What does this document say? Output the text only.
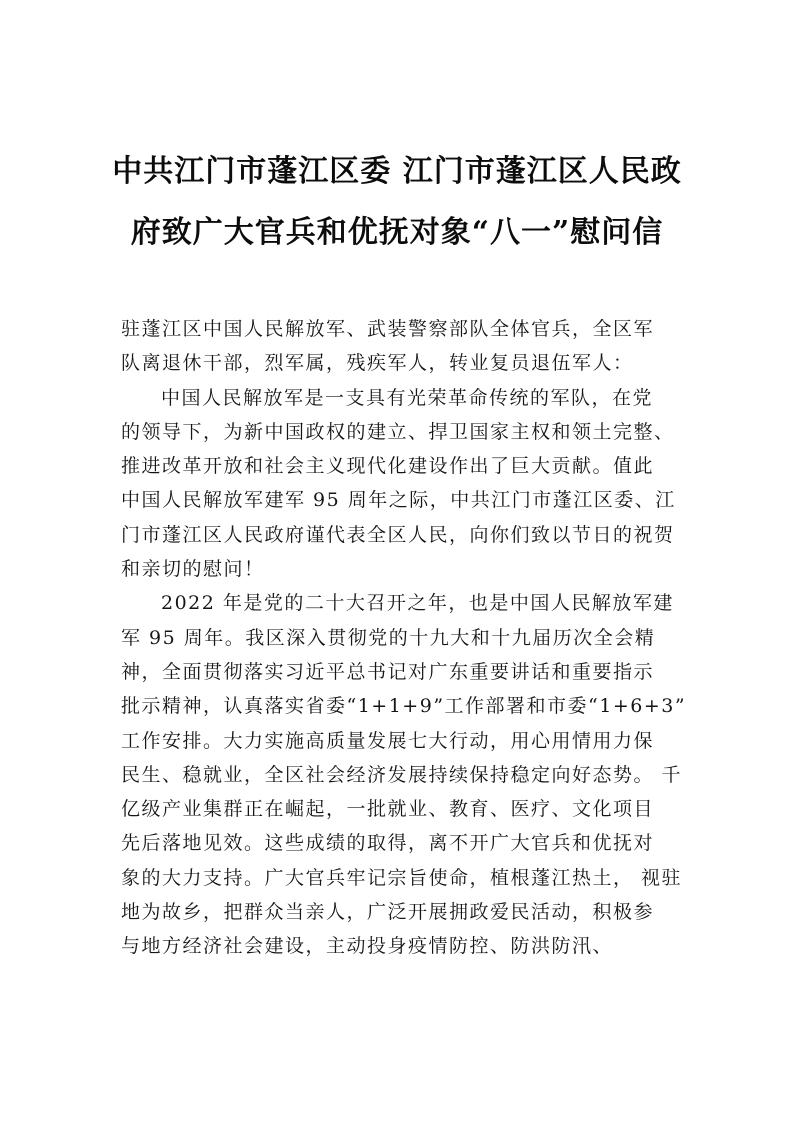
中共江门市蓬江区委 江门市蓬江区人民政
府致广大官兵和优抚对象“八一”慰问信
驻蓬江区中国人民解放军、武装警察部队全体官兵，全区军
队离退休干部，烈军属，残疾军人，转业复员退伍军人：
中国人民解放军是一支具有光荣革命传统的军队，在党
的领导下，为新中国政权的建立、捍卫国家主权和领土完整、
推进改革开放和社会主义现代化建设作出了巨大贡献。值此
中国人民解放军建军 95 周年之际，中共江门市蓬江区委、江
门市蓬江区人民政府谨代表全区人民，向你们致以节日的祝贺
和亲切的慰问！
2022 年是党的二十大召开之年，也是中国人民解放军建
军 95 周年。我区深入贯彻党的十九大和十九届历次全会精
神，全面贯彻落实习近平总书记对广东重要讲话和重要指示
批示精神，认真落实省委“1+1+9”工作部署和市委“1+6+3”
工作安排。大力实施高质量发展七大行动，用心用情用力保
民生、稳就业，全区社会经济发展持续保持稳定向好态势。 千
亿级产业集群正在崛起，一批就业、教育、医疗、文化项目
先后落地见效。这些成绩的取得，离不开广大官兵和优抚对
象的大力支持。广大官兵牢记宗旨使命，植根蓬江热土， 视驻
地为故乡，把群众当亲人，广泛开展拥政爱民活动，积极参
与地方经济社会建设，主动投身疫情防控、防洪防汛、
